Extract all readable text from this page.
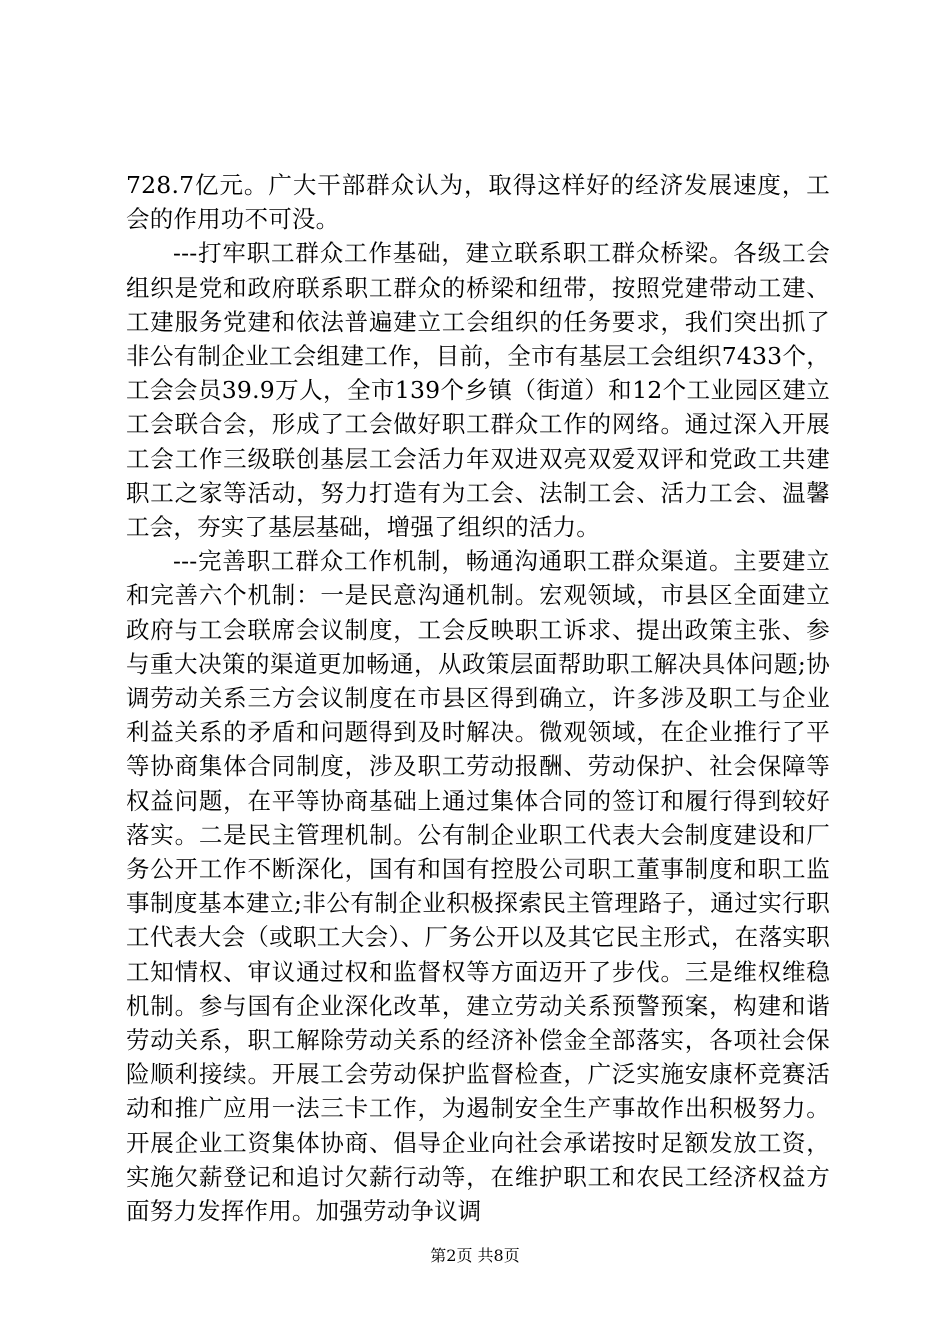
728.7亿元。广大干部群众认为，取得这样好的经济发展速度，工会的作用功不可没。

---打牢职工群众工作基础，建立联系职工群众桥梁。各级工会组织是党和政府联系职工群众的桥梁和纽带，按照党建带动工建、工建服务党建和依法普遍建立工会组织的任务要求，我们突出抓了非公有制企业工会组建工作，目前，全市有基层工会组织7433个，工会会员39.9万人，全市139个乡镇（街道）和12个工业园区建立工会联合会，形成了工会做好职工群众工作的网络。通过深入开展工会工作三级联创基层工会活力年双进双亮双爱双评和党政工共建职工之家等活动，努力打造有为工会、法制工会、活力工会、温馨工会，夯实了基层基础，增强了组织的活力。

---完善职工群众工作机制，畅通沟通职工群众渠道。主要建立和完善六个机制：一是民意沟通机制。宏观领域，市县区全面建立政府与工会联席会议制度，工会反映职工诉求、提出政策主张、参与重大决策的渠道更加畅通，从政策层面帮助职工解决具体问题;协调劳动关系三方会议制度在市县区得到确立，许多涉及职工与企业利益关系的矛盾和问题得到及时解决。微观领域，在企业推行了平等协商集体合同制度，涉及职工劳动报酬、劳动保护、社会保障等权益问题，在平等协商基础上通过集体合同的签订和履行得到较好落实。二是民主管理机制。公有制企业职工代表大会制度建设和厂务公开工作不断深化，国有和国有控股公司职工董事制度和职工监事制度基本建立;非公有制企业积极探索民主管理路子，通过实行职工代表大会（或职工大会）、厂务公开以及其它民主形式，在落实职工知情权、审议通过权和监督权等方面迈开了步伐。三是维权维稳机制。参与国有企业深化改革，建立劳动关系预警预案，构建和谐劳动关系，职工解除劳动关系的经济补偿金全部落实，各项社会保险顺利接续。开展工会劳动保护监督检查，广泛实施安康杯竞赛活动和推广应用一法三卡工作，为遏制安全生产事故作出积极努力。开展企业工资集体协商、倡导企业向社会承诺按时足额发放工资，实施欠薪登记和追讨欠薪行动等，在维护职工和农民工经济权益方面努力发挥作用。加强劳动争议调

第2页 共8页
